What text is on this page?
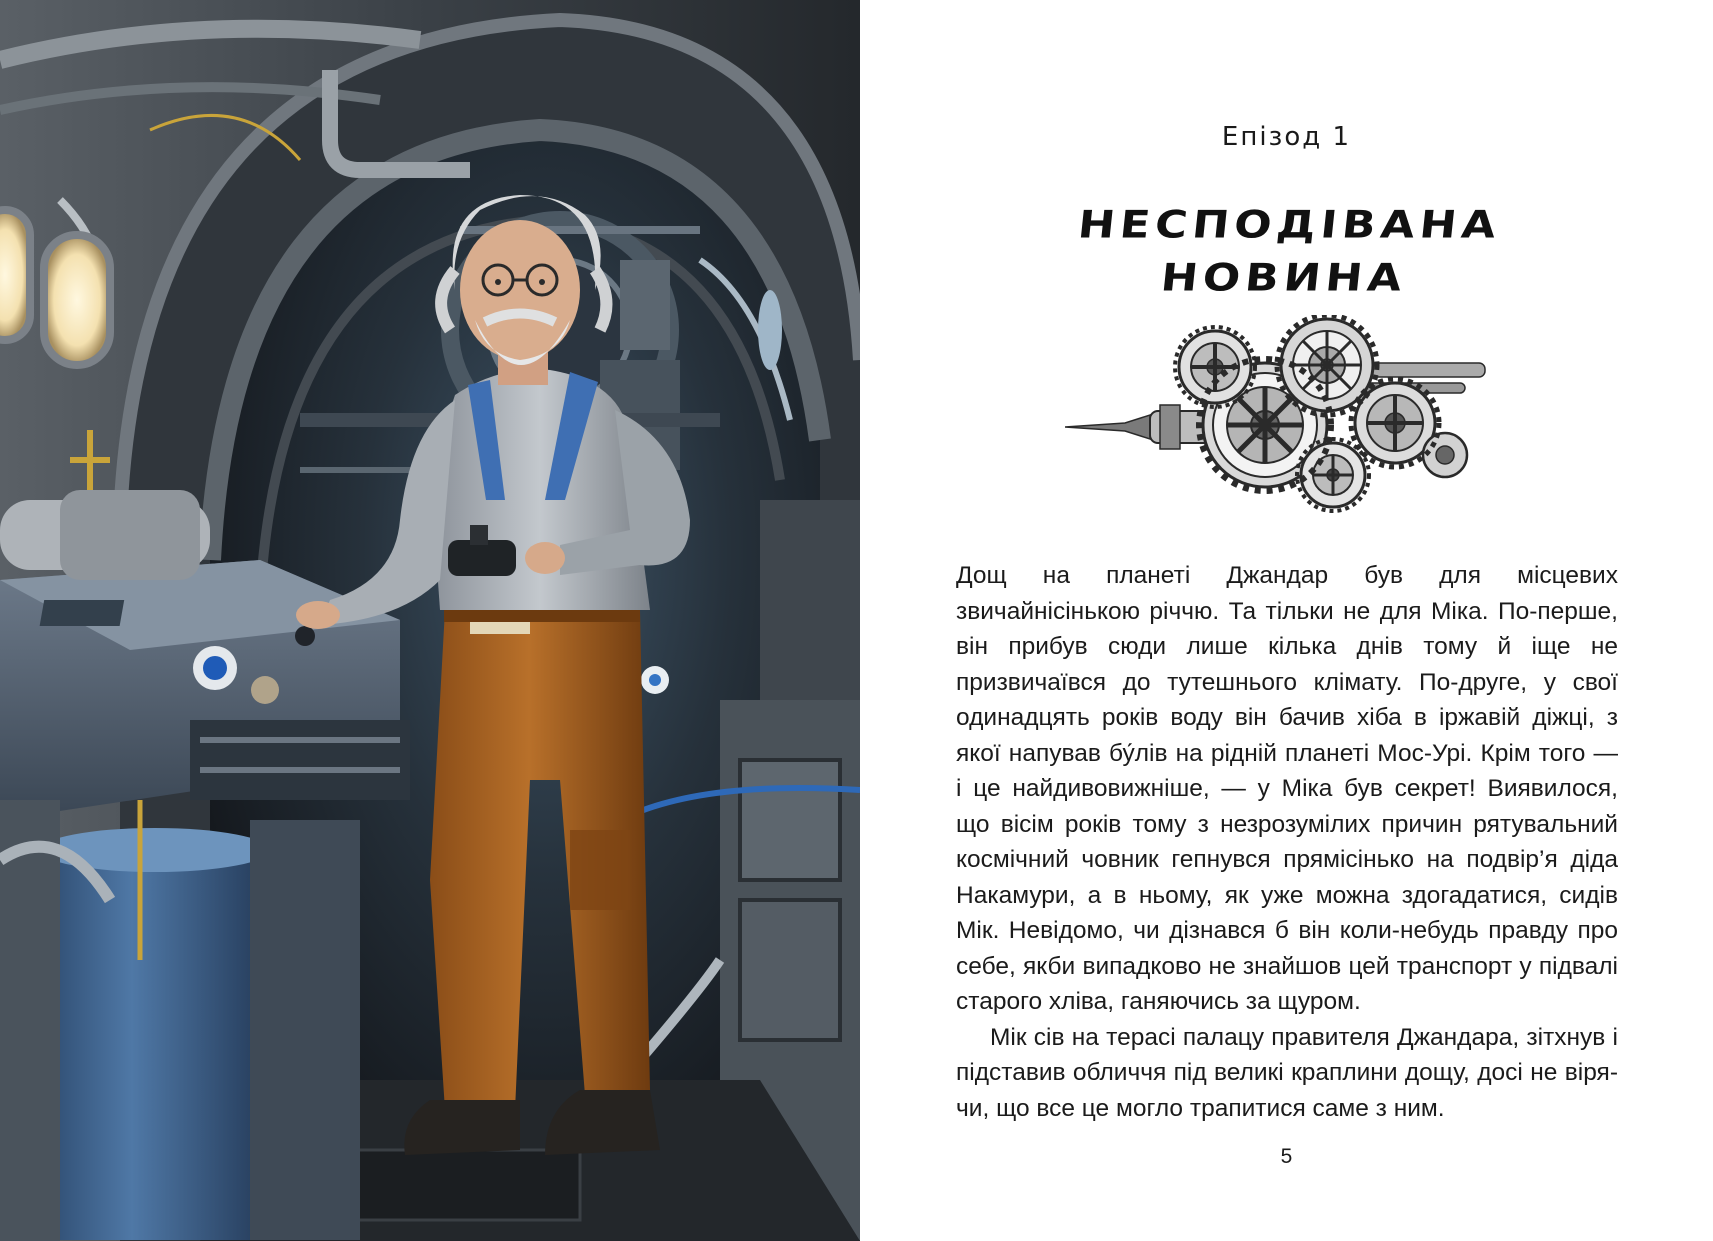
Епізод 1
НЕСПОДІВАНА
НОВИНА

Дощ на планеті Джандар був для місцевих звичайнісінькою річчю. Та тільки не для Міка. По-перше, він прибув сюди лише кілька днів тому й іще не призвичаївся до тутешнього клімату. По-друге, у свої одинадцять років воду він бачив хіба в іржавій діжці, з якої напував бу́лів на рідній планеті Мос-Урі. Крім того — і це найдивовижніше, — у Міка був секрет! Виявилося, що вісім років тому з незрозумілих причин рятувальний космічний човник гепнувся прямісінько на подвір’я діда Накамури, а в ньому, як уже можна здогадатися, сидів Мік. Невідомо, чи дізнався б він коли-небудь правду про себе, якби випадково не знайшов цей транспорт у підвалі старого хліва, ганяючись за щуром.

Мік сів на терасі палацу правителя Джандара, зітхнув і підставив обличчя під великі краплини дощу, досі не вірячи, що все це могло трапитися саме з ним.

5
